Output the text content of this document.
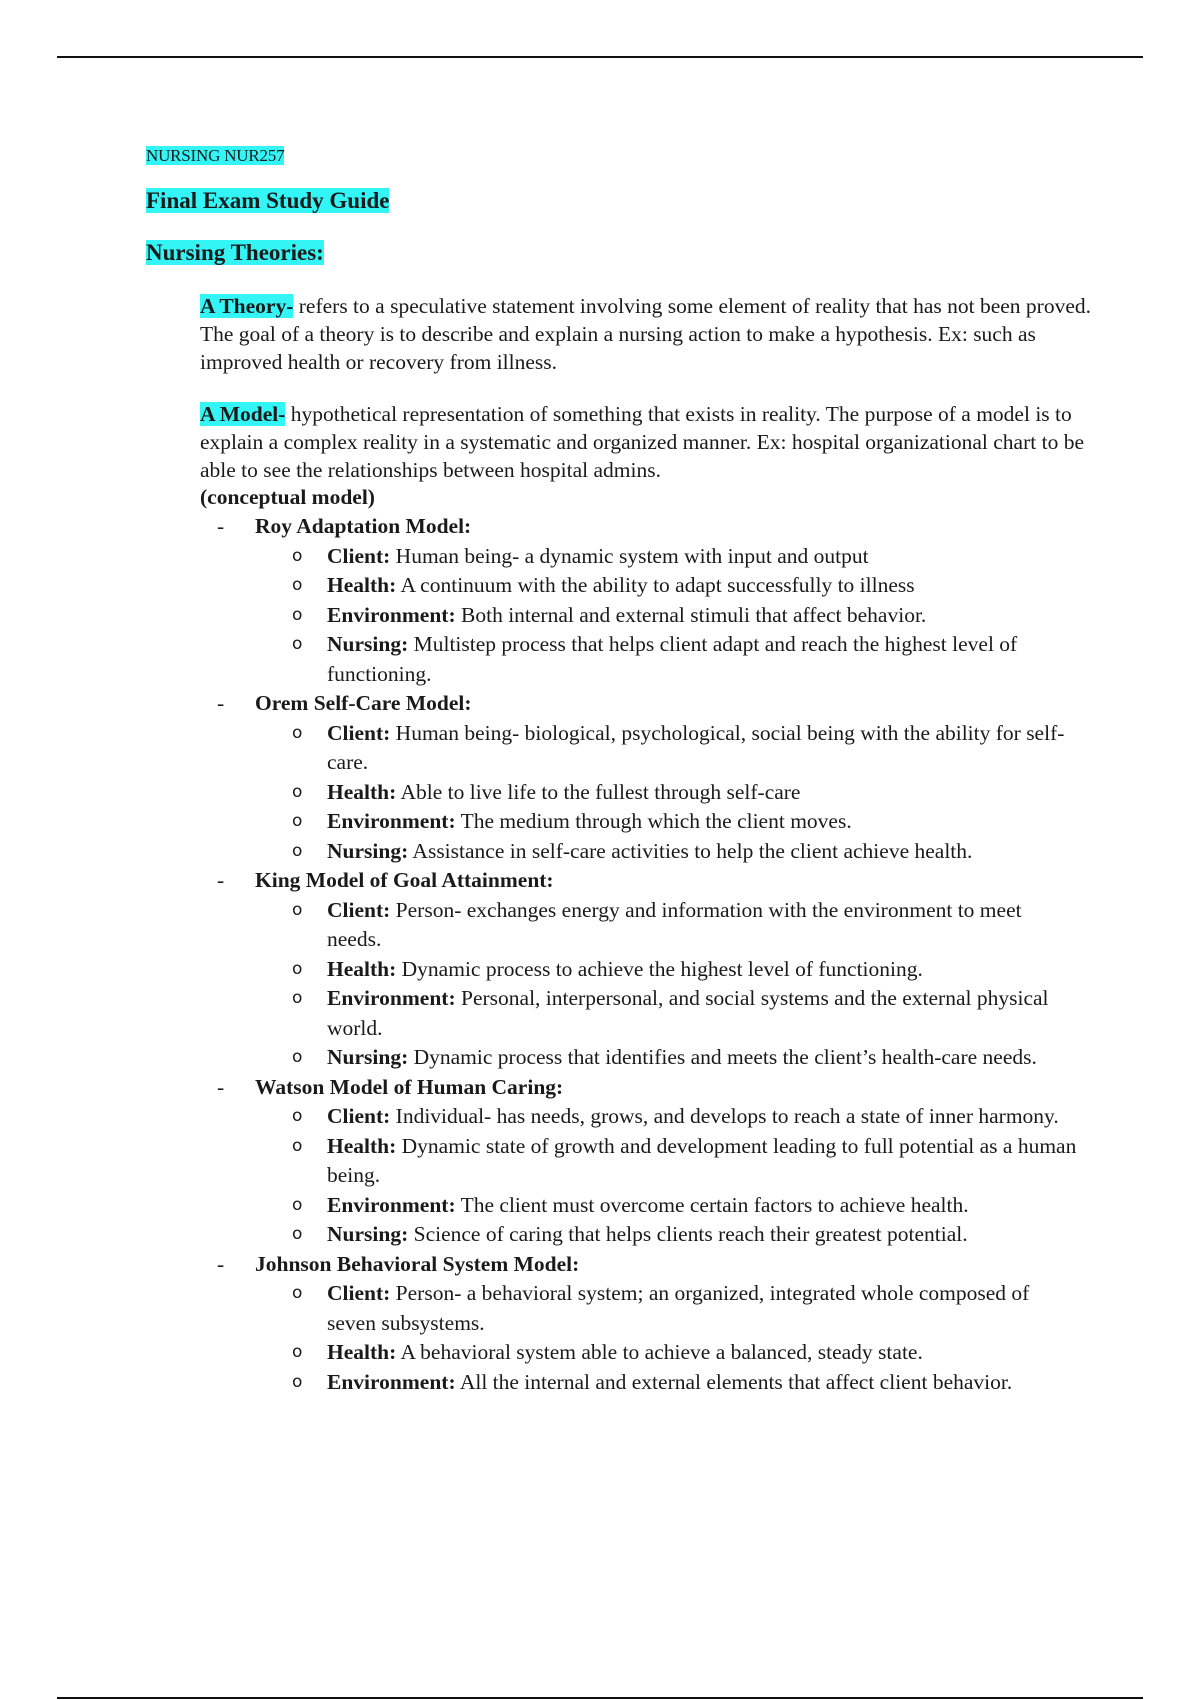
NURSING NUR257
Final Exam Study Guide
Nursing Theories:
A Theory- refers to a speculative statement involving some element of reality that has not been proved. The goal of a theory is to describe and explain a nursing action to make a hypothesis. Ex: such as improved health or recovery from illness.
A Model- hypothetical representation of something that exists in reality. The purpose of a model is to explain a complex reality in a systematic and organized manner. Ex: hospital organizational chart to be able to see the relationships between hospital admins.
(conceptual model)
- Roy Adaptation Model:
o Client: Human being- a dynamic system with input and output
o Health: A continuum with the ability to adapt successfully to illness
o Environment: Both internal and external stimuli that affect behavior.
o Nursing: Multistep process that helps client adapt and reach the highest level of functioning.
- Orem Self-Care Model:
o Client: Human being- biological, psychological, social being with the ability for self-care.
o Health: Able to live life to the fullest through self-care
o Environment: The medium through which the client moves.
o Nursing: Assistance in self-care activities to help the client achieve health.
- King Model of Goal Attainment:
o Client: Person- exchanges energy and information with the environment to meet needs.
o Health: Dynamic process to achieve the highest level of functioning.
o Environment: Personal, interpersonal, and social systems and the external physical world.
o Nursing: Dynamic process that identifies and meets the client’s health-care needs.
- Watson Model of Human Caring:
o Client: Individual- has needs, grows, and develops to reach a state of inner harmony.
o Health: Dynamic state of growth and development leading to full potential as a human being.
o Environment: The client must overcome certain factors to achieve health.
o Nursing: Science of caring that helps clients reach their greatest potential.
- Johnson Behavioral System Model:
o Client: Person- a behavioral system; an organized, integrated whole composed of seven subsystems.
o Health: A behavioral system able to achieve a balanced, steady state.
o Environment: All the internal and external elements that affect client behavior.
